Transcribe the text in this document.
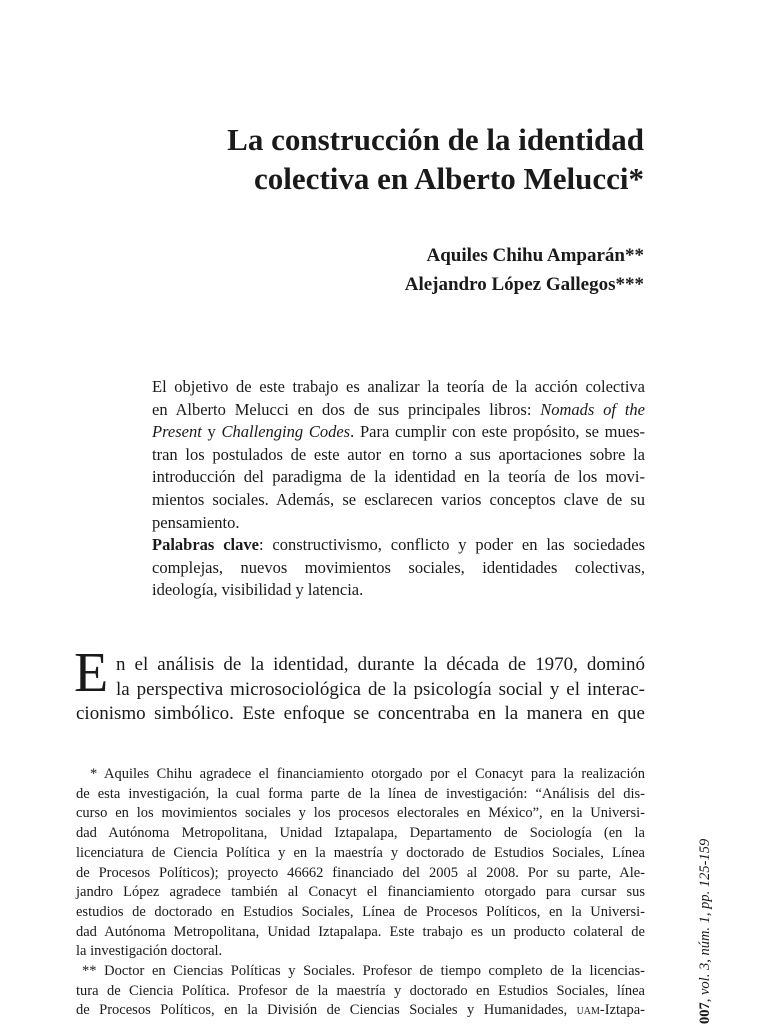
La construcción de la identidad
colectiva en Alberto Melucci*
Aquiles Chihu Amparán**
Alejandro López Gallegos***
El objetivo de este trabajo es analizar la teoría de la acción colectiva
en Alberto Melucci en dos de sus principales libros: Nomads of the
Present y Challenging Codes. Para cumplir con este propósito, se mues-
tran los postulados de este autor en torno a sus aportaciones sobre la
introducción del paradigma de la identidad en la teoría de los movi-
mientos sociales. Además, se esclarecen varios conceptos clave de su
pensamiento.
Palabras clave: constructivismo, conflicto y poder en las sociedades
complejas, nuevos movimientos sociales, identidades colectivas,
ideología, visibilidad y latencia.
E n el análisis de la identidad, durante la década de 1970, dominó
la perspectiva microsociológica de la psicología social y el interac-
cionismo simbólico. Este enfoque se concentraba en la manera en que
* Aquiles Chihu agradece el financiamiento otorgado por el Conacyt para la realización
de esta investigación, la cual forma parte de la línea de investigación: “Análisis del dis-
curso en los movimientos sociales y los procesos electorales en México”, en la Universi-
dad Autónoma Metropolitana, Unidad Iztapalapa, Departamento de Sociología (en la
licenciatura de Ciencia Política y en la maestría y doctorado de Estudios Sociales, Línea
de Procesos Políticos); proyecto 46662 financiado del 2005 al 2008. Por su parte, Ale-
jandro López agradece también al Conacyt el financiamiento otorgado para cursar sus
estudios de doctorado en Estudios Sociales, Línea de Procesos Políticos, en la Universi-
dad Autónoma Metropolitana, Unidad Iztapalapa. Este trabajo es un producto colateral de
la investigación doctoral.
** Doctor en Ciencias Políticas y Sociales. Profesor de tiempo completo de la licencias-
tura de Ciencia Política. Profesor de la maestría y doctorado en Estudios Sociales, línea
de Procesos Políticos, en la División de Ciencias Sociales y Humanidades, uam-Iztapa-	007, vol. 3, núm. 1, pp. 125-159
